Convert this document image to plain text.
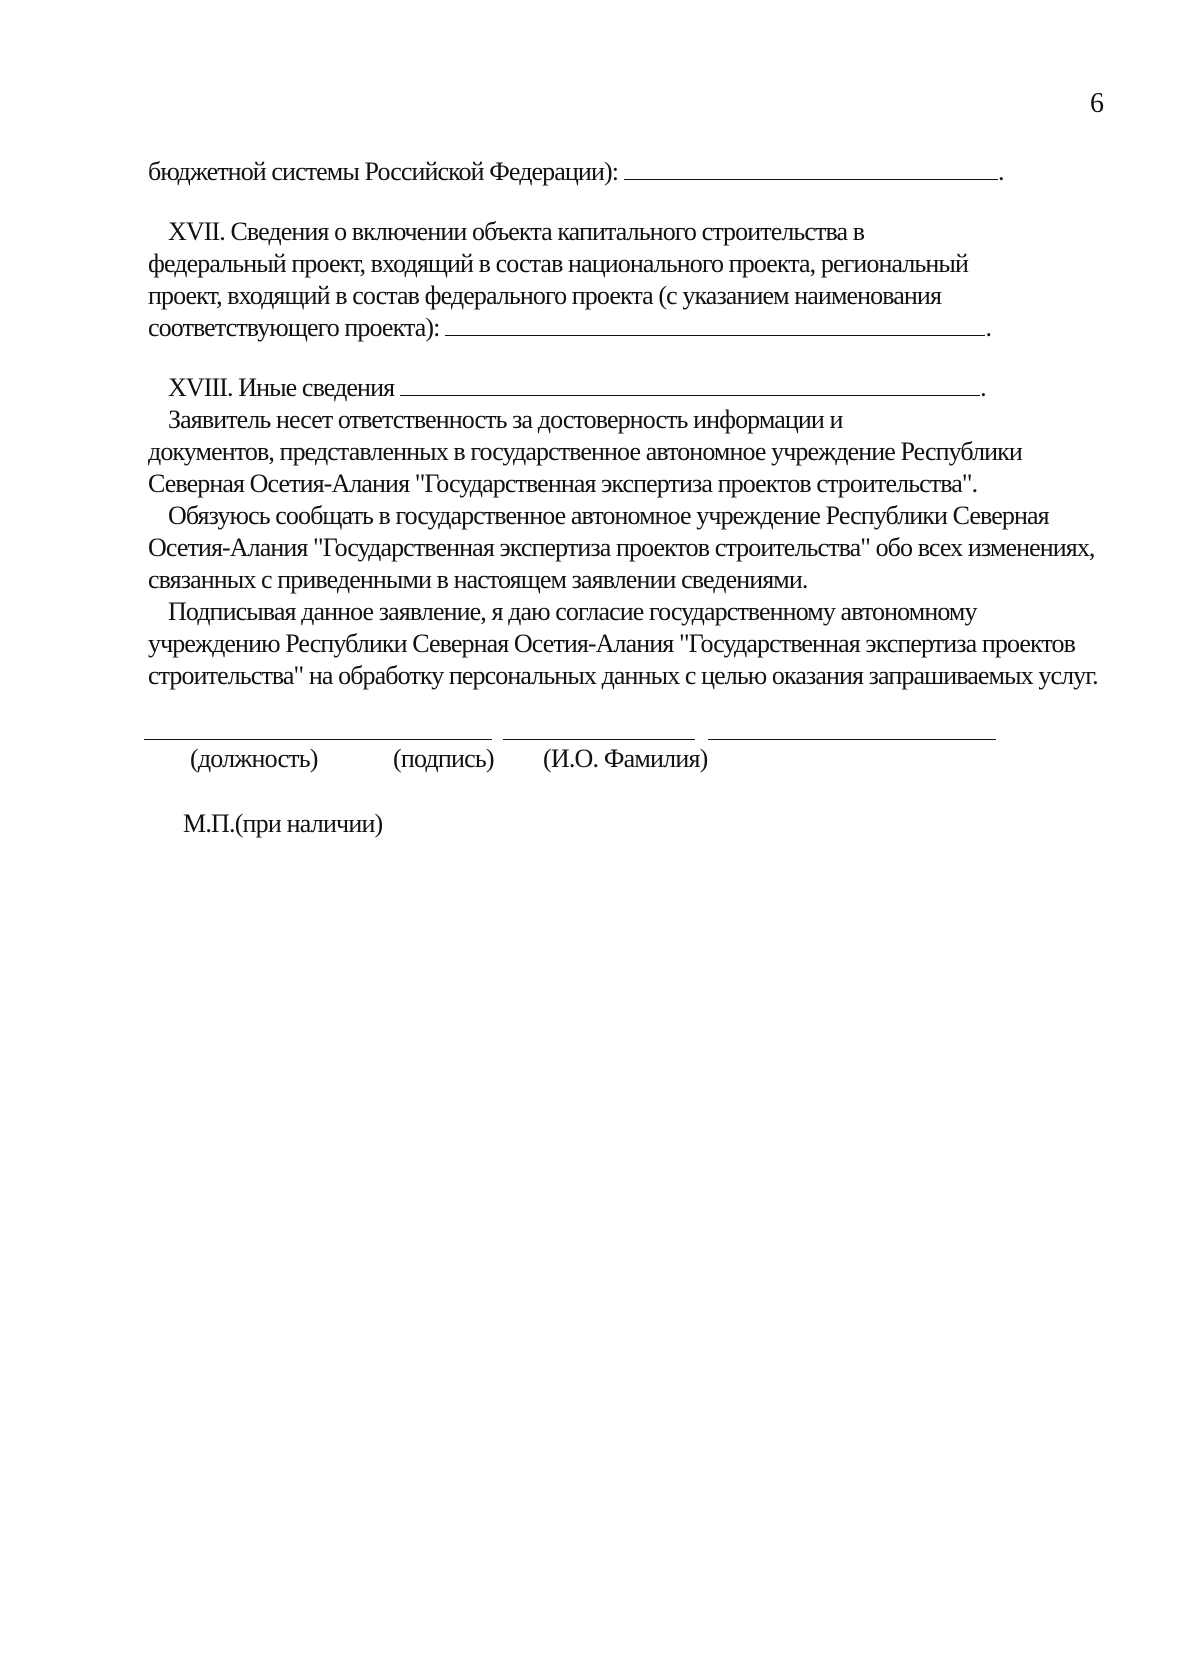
6
бюджетной системы Российской Федерации):	.
XVII. Сведения о включении объекта капитального строительства в
федеральный проект, входящий в состав национального проекта, региональный
проект, входящий в состав федерального проекта (с указанием наименования
соответствующего проекта):	.
XVIII. Иные сведения	.
Заявитель несет ответственность за достоверность информации и
документов, представленных в государственное автономное учреждение Республики
Северная Осетия-Алания "Государственная экспертиза проектов строительства".
Обязуюсь сообщать в государственное автономное учреждение Республики Северная
Осетия-Алания "Государственная экспертиза проектов строительства" обо всех изменениях,
связанных с приведенными в настоящем заявлении сведениями.
Подписывая данное заявление, я даю согласие государственному автономному
учреждению Республики Северная Осетия-Алания "Государственная экспертиза проектов
строительства" на обработку персональных данных с целью оказания запрашиваемых услуг.
(должность)	(подпись) (И.О. Фамилия)
М.П.(при наличии)
